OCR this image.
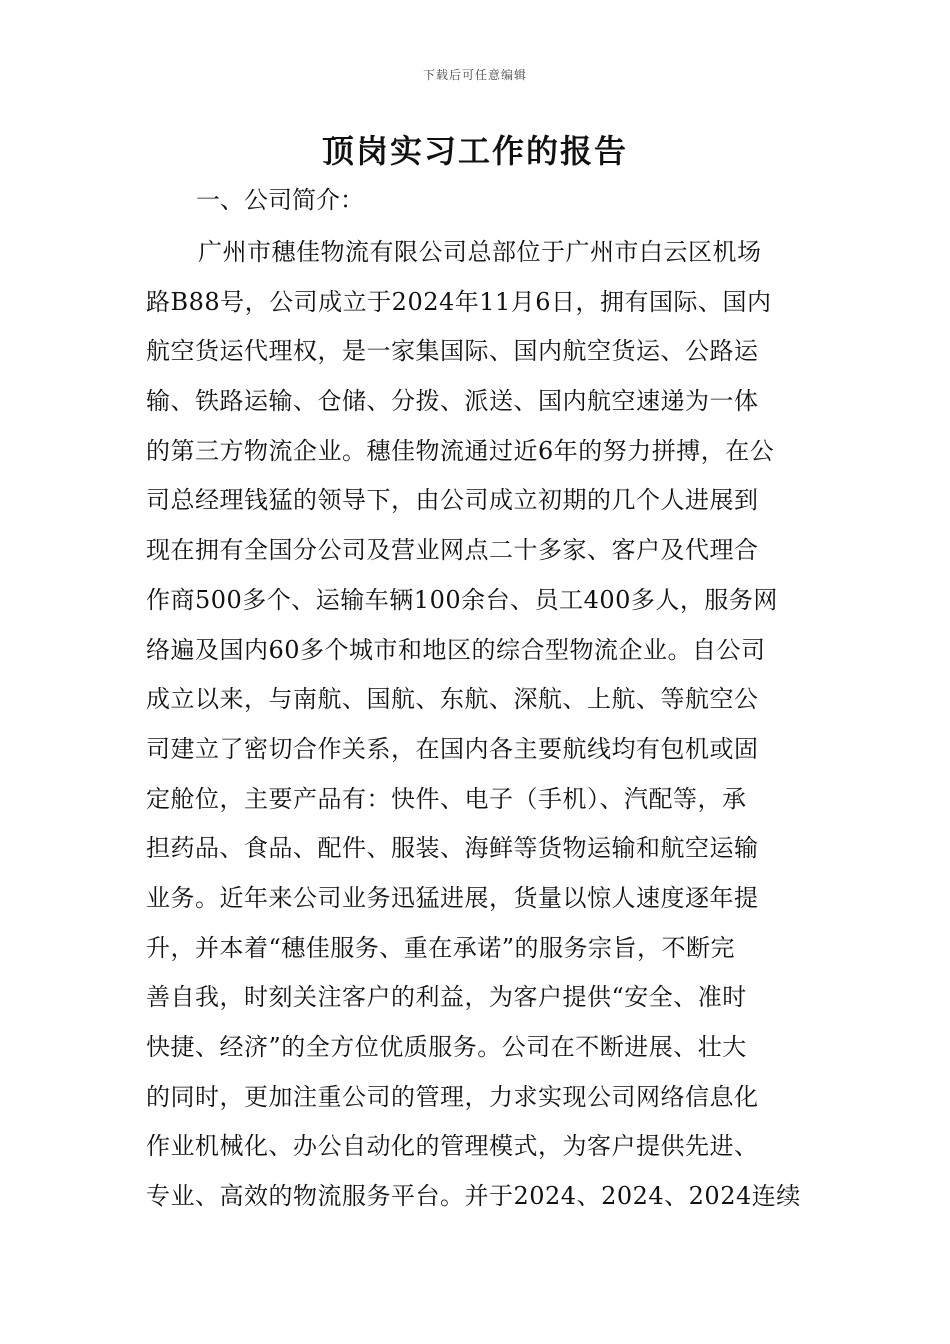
下载后可任意编辑
顶岗实习工作的报告
一、公司简介：
广州市穗佳物流有限公司总部位于广州市白云区机场
路B88号，公司成立于2024年11月6日，拥有国际、国内
航空货运代理权，是一家集国际、国内航空货运、公路运
输、铁路运输、仓储、分拨、派送、国内航空速递为一体
的第三方物流企业。穗佳物流通过近6年的努力拼搏，在公
司总经理钱猛的领导下，由公司成立初期的几个人进展到
现在拥有全国分公司及营业网点二十多家、客户及代理合
作商500多个、运输车辆100余台、员工400多人，服务网
络遍及国内60多个城市和地区的综合型物流企业。自公司
成立以来，与南航、国航、东航、深航、上航、等航空公
司建立了密切合作关系，在国内各主要航线均有包机或固
定舱位，主要产品有：快件、电子（手机）、汽配等，承
担药品、食品、配件、服装、海鲜等货物运输和航空运输
业务。近年来公司业务迅猛进展，货量以惊人速度逐年提
升，并本着“穗佳服务、重在承诺”的服务宗旨，不断完
善自我，时刻关注客户的利益，为客户提供“安全、准时
快捷、经济”的全方位优质服务。公司在不断进展、壮大
的同时，更加注重公司的管理，力求实现公司网络信息化
作业机械化、办公自动化的管理模式，为客户提供先进、
专业、高效的物流服务平台。并于2024、2024、2024连续
